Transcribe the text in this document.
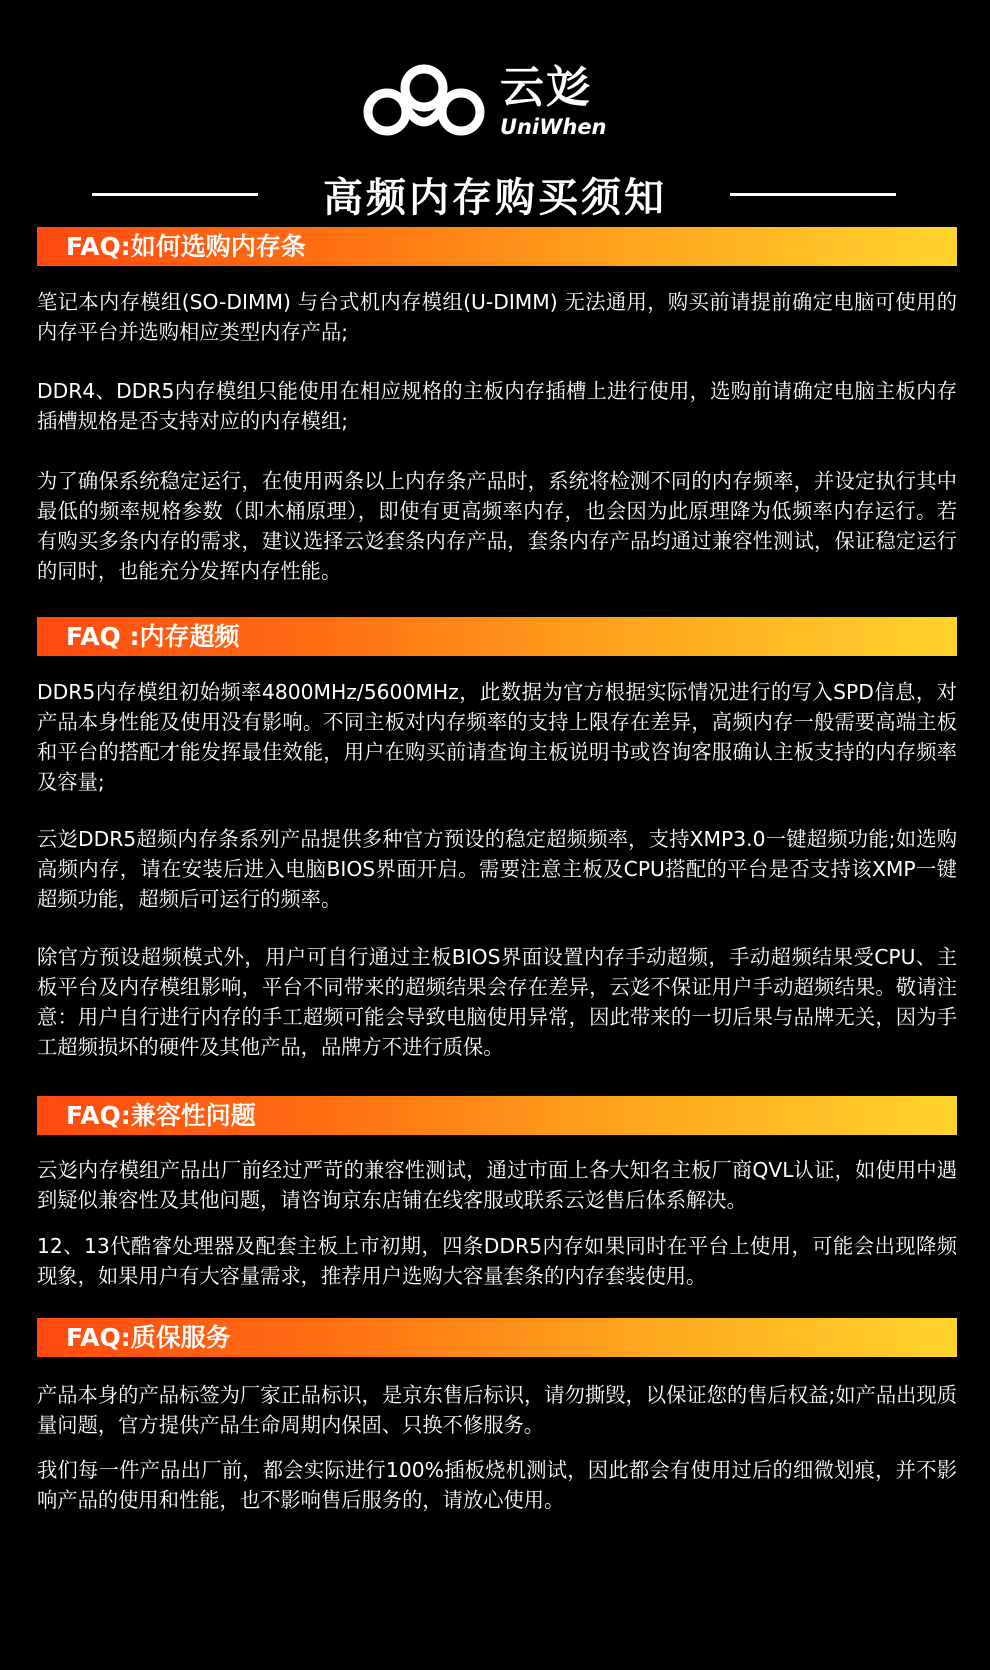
云彣
UniWhen
高频内存购买须知
FAQ:如何选购内存条

笔记本内存模组(SO-DIMM) 与台式机内存模组(U-DIMM) 无法通用，购买前请提前确定电脑可使用的内存平台并选购相应类型内存产品;

DDR4、DDR5内存模组只能使用在相应规格的主板内存插槽上进行使用，选购前请确定电脑主板内存插槽规格是否支持对应的内存模组;

为了确保系统稳定运行，在使用两条以上内存条产品时，系统将检测不同的内存频率，并设定执行其中最低的频率规格参数（即木桶原理），即使有更高频率内存，也会因为此原理降为低频率内存运行。若有购买多条内存的需求，建议选择云彣套条内存产品，套条内存产品均通过兼容性测试，保证稳定运行的同时，也能充分发挥内存性能。

FAQ :内存超频

DDR5内存模组初始频率4800MHz/5600MHz，此数据为官方根据实际情况进行的写入SPD信息，对产品本身性能及使用没有影响。不同主板对内存频率的支持上限存在差异，高频内存一般需要高端主板和平台的搭配才能发挥最佳效能，用户在购买前请查询主板说明书或咨询客服确认主板支持的内存频率及容量;

云彣DDR5超频内存条系列产品提供多种官方预设的稳定超频频率，支持XMP3.0一键超频功能;如选购高频内存，请在安装后进入电脑BIOS界面开启。需要注意主板及CPU搭配的平台是否支持该XMP一键超频功能，超频后可运行的频率。

除官方预设超频模式外，用户可自行通过主板BIOS界面设置内存手动超频，手动超频结果受CPU、主板平台及内存模组影响，平台不同带来的超频结果会存在差异，云彣不保证用户手动超频结果。敬请注意：用户自行进行内存的手工超频可能会导致电脑使用异常，因此带来的一切后果与品牌无关，因为手工超频损坏的硬件及其他产品，品牌方不进行质保。

FAQ:兼容性问题

云彣内存模组产品出厂前经过严苛的兼容性测试，通过市面上各大知名主板厂商QVL认证，如使用中遇到疑似兼容性及其他问题，请咨询京东店铺在线客服或联系云彣售后体系解决。

12、13代酷睿处理器及配套主板上市初期，四条DDR5内存如果同时在平台上使用，可能会出现降频现象，如果用户有大容量需求，推荐用户选购大容量套条的内存套装使用。

FAQ:质保服务

产品本身的产品标签为厂家正品标识，是京东售后标识，请勿撕毁，以保证您的售后权益;如产品出现质量问题，官方提供产品生命周期内保固、只换不修服务。

我们每一件产品出厂前，都会实际进行100%插板烧机测试，因此都会有使用过后的细微划痕，并不影响产品的使用和性能，也不影响售后服务的，请放心使用。
